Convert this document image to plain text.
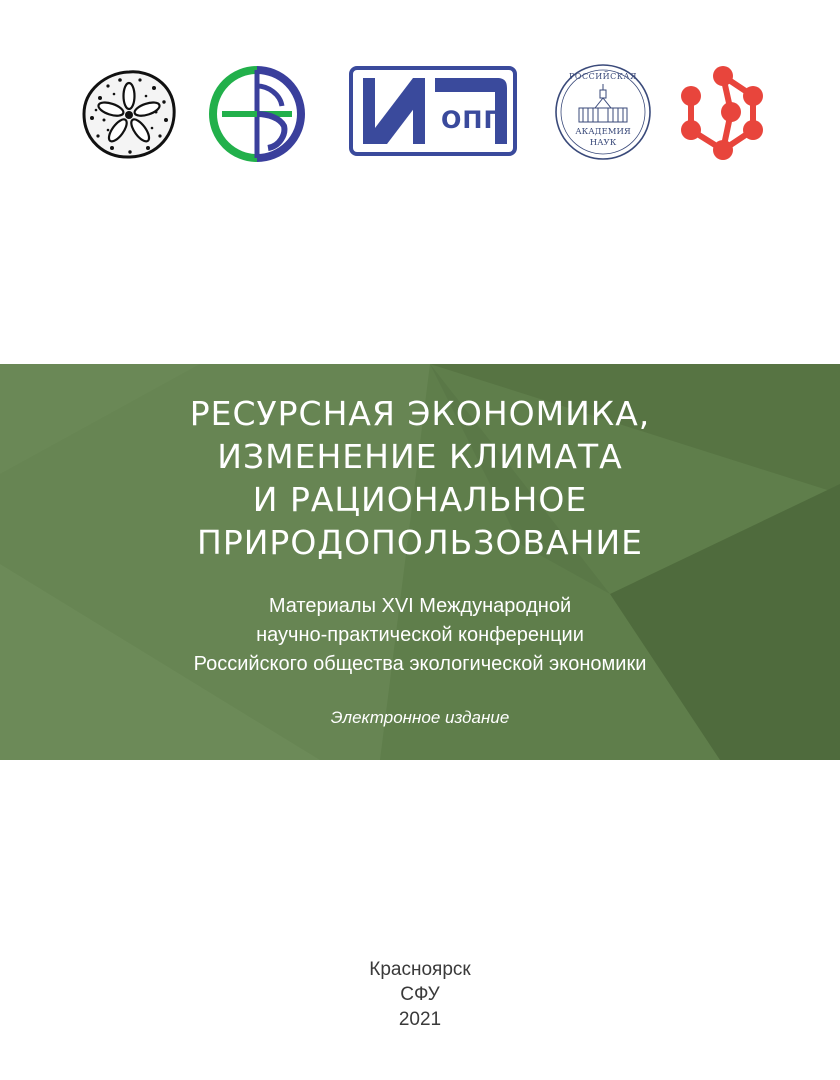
ОПП
РОССИЙСКАЯ
АКАДЕМИЯ
НАУК
РЕСУРСНАЯ ЭКОНОМИКА,
ИЗМЕНЕНИЕ КЛИМАТА
И РАЦИОНАЛЬНОЕ
ПРИРОДОПОЛЬЗОВАНИЕ
Материалы XVI Международной
научно-практической конференции
Российского общества экологической экономики
Электронное издание
Красноярск
СФУ
2021
